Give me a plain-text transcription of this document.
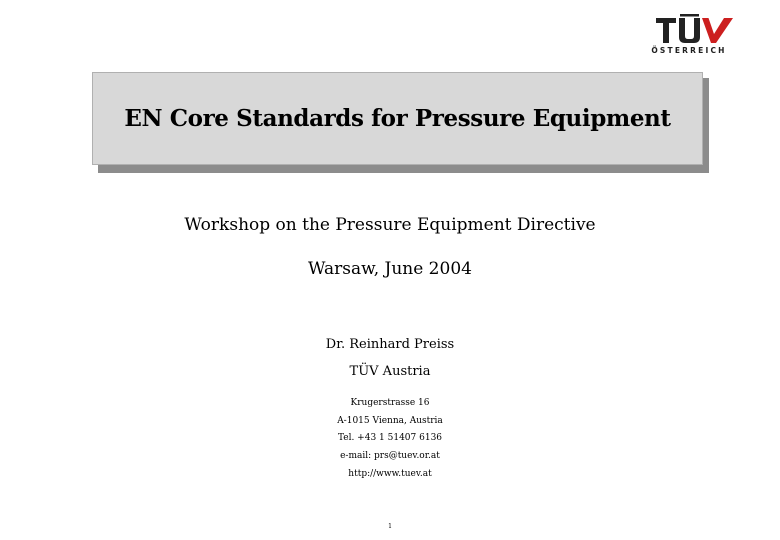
ÖSTERREICH
EN Core Standards for Pressure Equipment
Workshop on the Pressure Equipment Directive
Warsaw, June 2004
Dr. Reinhard Preiss
TÜV Austria
Krugerstrasse 16
A-1015 Vienna, Austria
Tel. +43 1 51407 6136
e-mail: prs@tuev.or.at
http://www.tuev.at
1
